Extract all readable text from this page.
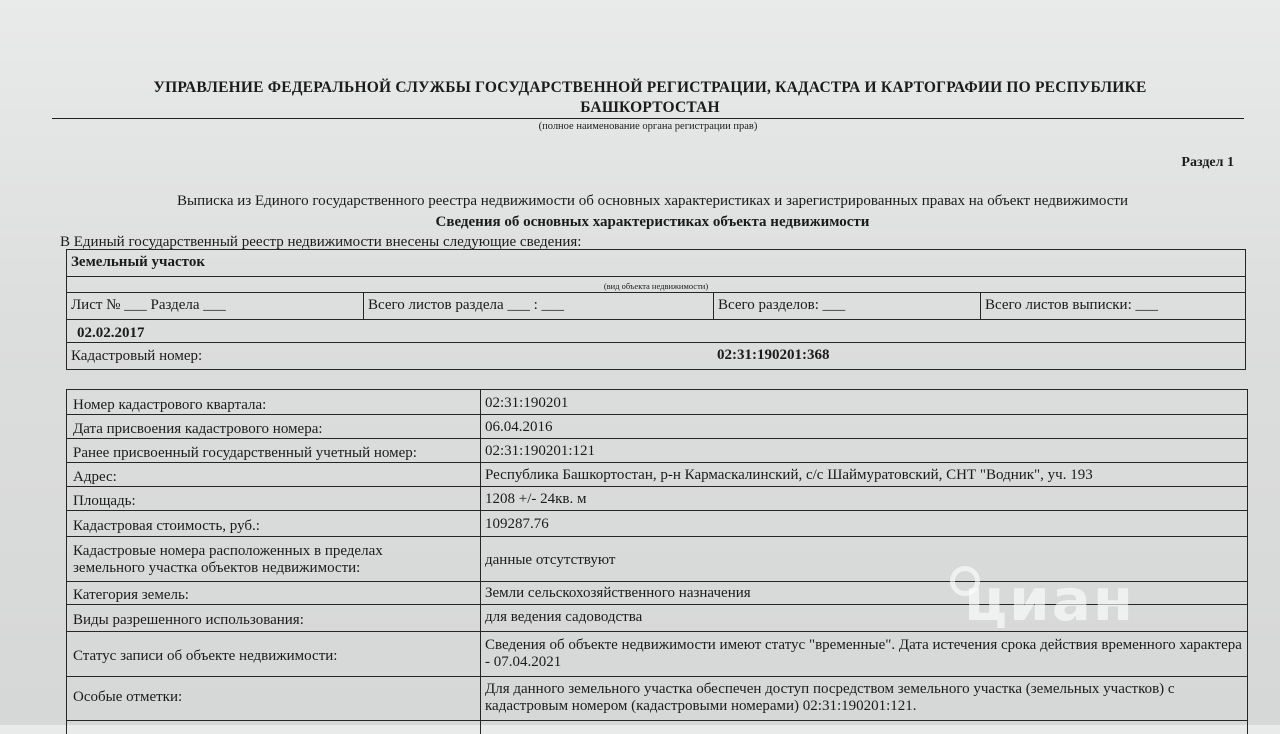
УПРАВЛЕНИЕ ФЕДЕРАЛЬНОЙ СЛУЖБЫ ГОСУДАРСТВЕННОЙ РЕГИСТРАЦИИ, КАДАСТРА И КАРТОГРАФИИ ПО РЕСПУБЛИКЕ
БАШКОРТОСТАН
(полное наименование органа регистрации прав)
Раздел 1
Выписка из Единого государственного реестра недвижимости об основных характеристиках и зарегистрированных правах на объект недвижимости
Сведения об основных характеристиках объекта недвижимости
В Единый государственный реестр недвижимости внесены следующие сведения:
Земельный участок
(вид объекта недвижимости)
Лист № ___ Раздела ___	Всего листов раздела ___ : ___	Всего разделов: ___	Всего листов выписки: ___
02.02.2017
Кадастровый номер:	02:31:190201:368
Номер кадастрового квартала:	02:31:190201
Дата присвоения кадастрового номера:	06.04.2016
Ранее присвоенный государственный учетный номер:	02:31:190201:121
Адрес:	Республика Башкортостан, р-н Кармаскалинский, с/с Шаймуратовский, СНТ "Водник", уч. 193
Площадь:	1208 +/- 24кв. м
Кадастровая стоимость, руб.:	109287.76
Кадастровые номера расположенных в пределах земельного участка объектов недвижимости:	данные отсутствуют
Категория земель:	Земли сельскохозяйственного назначения
Виды разрешенного использования:	для ведения садоводства
Статус записи об объекте недвижимости:
Сведения об объекте недвижимости имеют статус "временные". Дата истечения срока действия временного характера - 07.04.2021
Особые отметки:	Для данного земельного участка обеспечен доступ посредством земельного участка (земельных участков) с кадастровым номером (кадастровыми номерами) 02:31:190201:121.
циан
